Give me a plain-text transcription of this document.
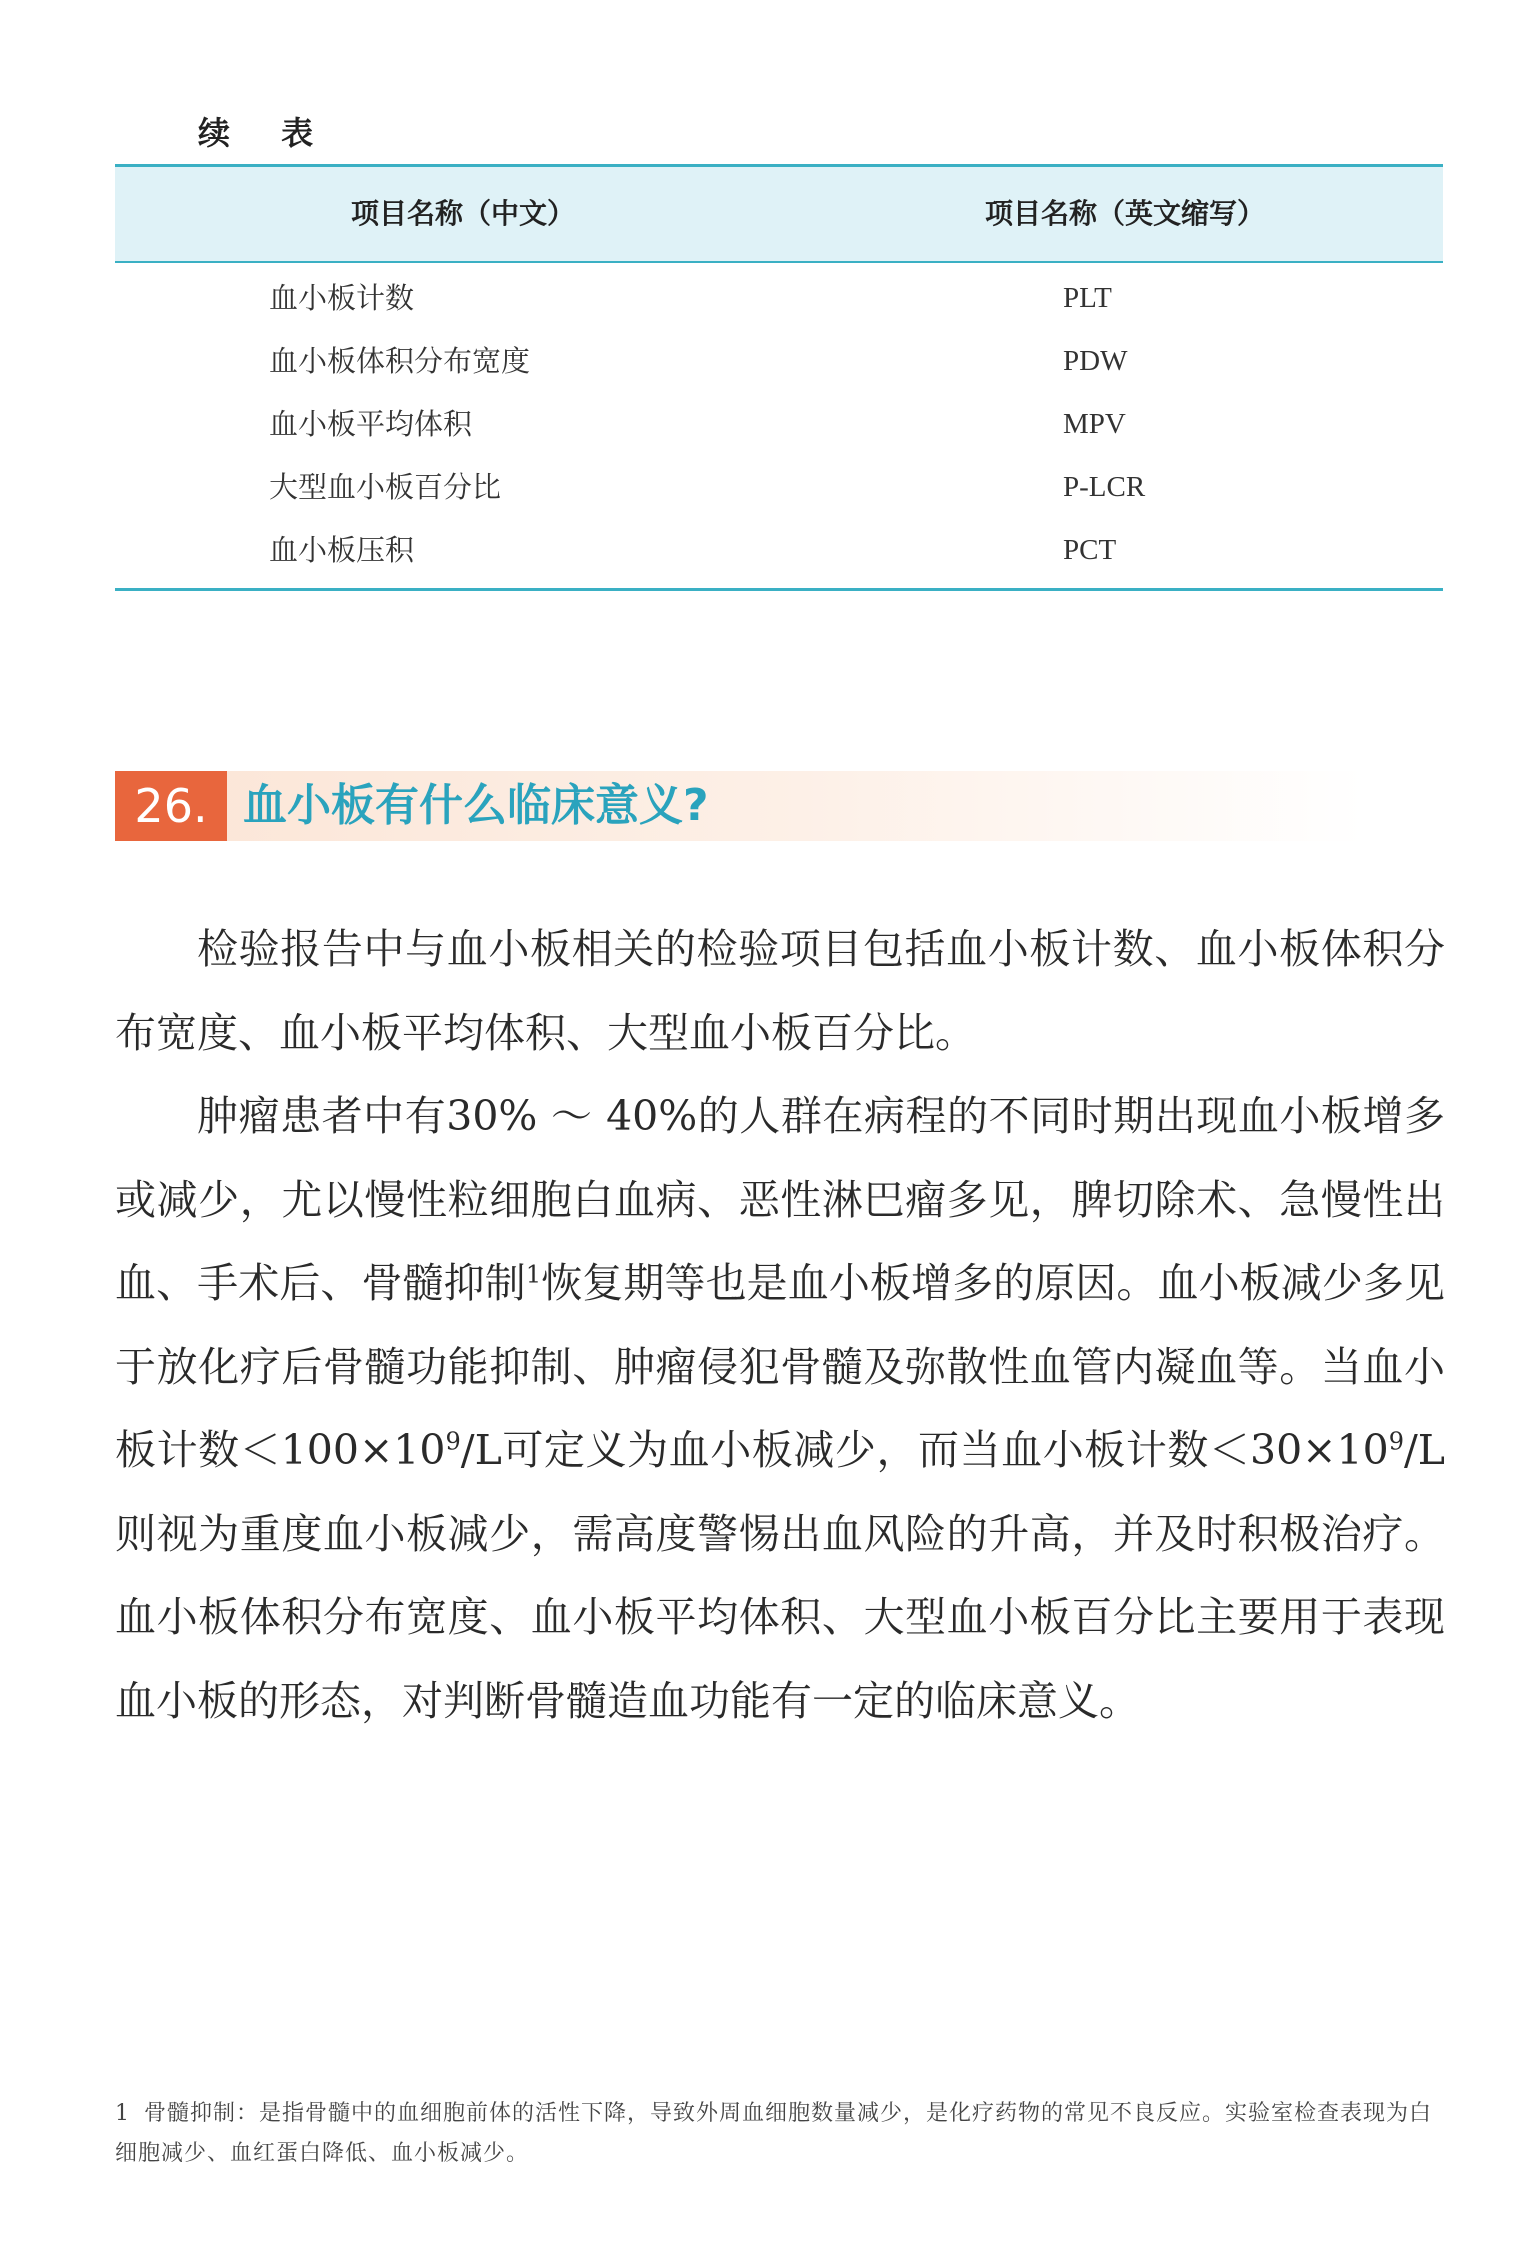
续 表
项目名称（中文）	项目名称（英文缩写）
血小板计数	PLT
血小板体积分布宽度	PDW
血小板平均体积	MPV
大型血小板百分比	P-LCR
血小板压积	PCT
26. 血小板有什么临床意义?

检验报告中与血小板相关的检验项目包括血小板计数、血小板体积分布宽度、血小板平均体积、大型血小板百分比。

肿瘤患者中有30% ～ 40%的人群在病程的不同时期出现血小板增多或减少，尤以慢性粒细胞白血病、恶性淋巴瘤多见，脾切除术、急慢性出血、手术后、骨髓抑制$^1$恢复期等也是血小板增多的原因。血小板减少多见于放化疗后骨髓功能抑制、肿瘤侵犯骨髓及弥散性血管内凝血等。当血小板计数$<100\times 10^9/L$可定义为血小板减少，而当血小板计数$<30\times 10^9/L$则视为重度血小板减少，需高度警惕出血风险的升高，并及时积极治疗。血小板体积分布宽度、血小板平均体积、大型血小板百分比主要用于表现血小板的形态，对判断骨髓造血功能有一定的临床意义。

1 骨髓抑制：是指骨髓中的血细胞前体的活性下降，导致外周血细胞数量减少，是化疗药物的常见不良反应。实验室检查表现为白细胞减少、血红蛋白降低、血小板减少。
